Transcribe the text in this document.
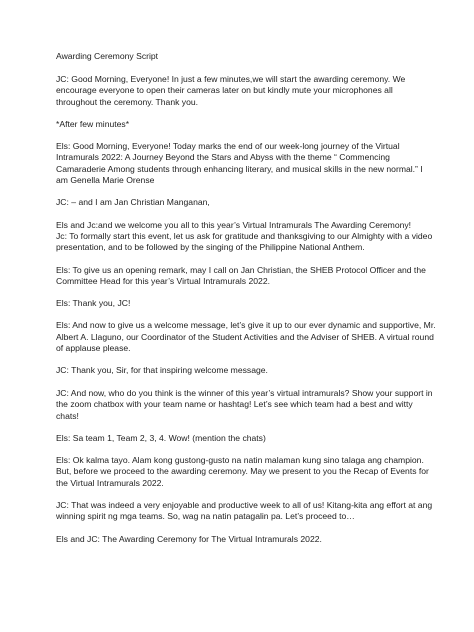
Awarding Ceremony Script

JC: Good Morning, Everyone! In just a few minutes,we will start the awarding ceremony. We encourage everyone to open their cameras later on but kindly mute your microphones all throughout the ceremony. Thank you.

*After few minutes*

Els: Good Morning, Everyone! Today marks the end of our week-long journey of the Virtual Intramurals 2022: A Journey Beyond the Stars and Abyss with the theme “ Commencing Camaraderie Among students through enhancing literary, and musical skills in the new normal.” I am Genella Marie Orense

JC: – and I am Jan Christian Manganan,

Els and Jc:and we welcome you all to this year’s Virtual Intramurals The Awarding Ceremony!
Jc: To formally start this event, let us ask for gratitude and thanksgiving to our Almighty with a video presentation, and to be followed by the singing of the Philippine National Anthem.

Els: To give us an opening remark, may I call on Jan Christian, the SHEB Protocol Officer and the Committee Head for this year’s Virtual Intramurals 2022.

Els: Thank you, JC!

Els: And now to give us a welcome message, let’s give it up to our ever dynamic and supportive, Mr. Albert A. Llaguno, our Coordinator of the Student Activities and the Adviser of SHEB. A virtual round of applause please.

JC: Thank you, Sir, for that inspiring welcome message.

JC: And now, who do you think is the winner of this year’s virtual intramurals? Show your support in the zoom chatbox with your team name or hashtag! Let’s see which team had a best and witty chats!

Els: Sa team 1, Team 2, 3, 4. Wow! (mention the chats)

Els: Ok kalma tayo. Alam kong gustong-gusto na natin malaman kung sino talaga ang champion. But, before we proceed to the awarding ceremony. May we present to you the Recap of Events for the Virtual Intramurals 2022.

JC: That was indeed a very enjoyable and productive week to all of us! Kitang-kita ang effort at ang winning spirit ng mga teams. So, wag na natin patagalin pa. Let’s proceed to…

Els and JC: The Awarding Ceremony for The Virtual Intramurals 2022.
